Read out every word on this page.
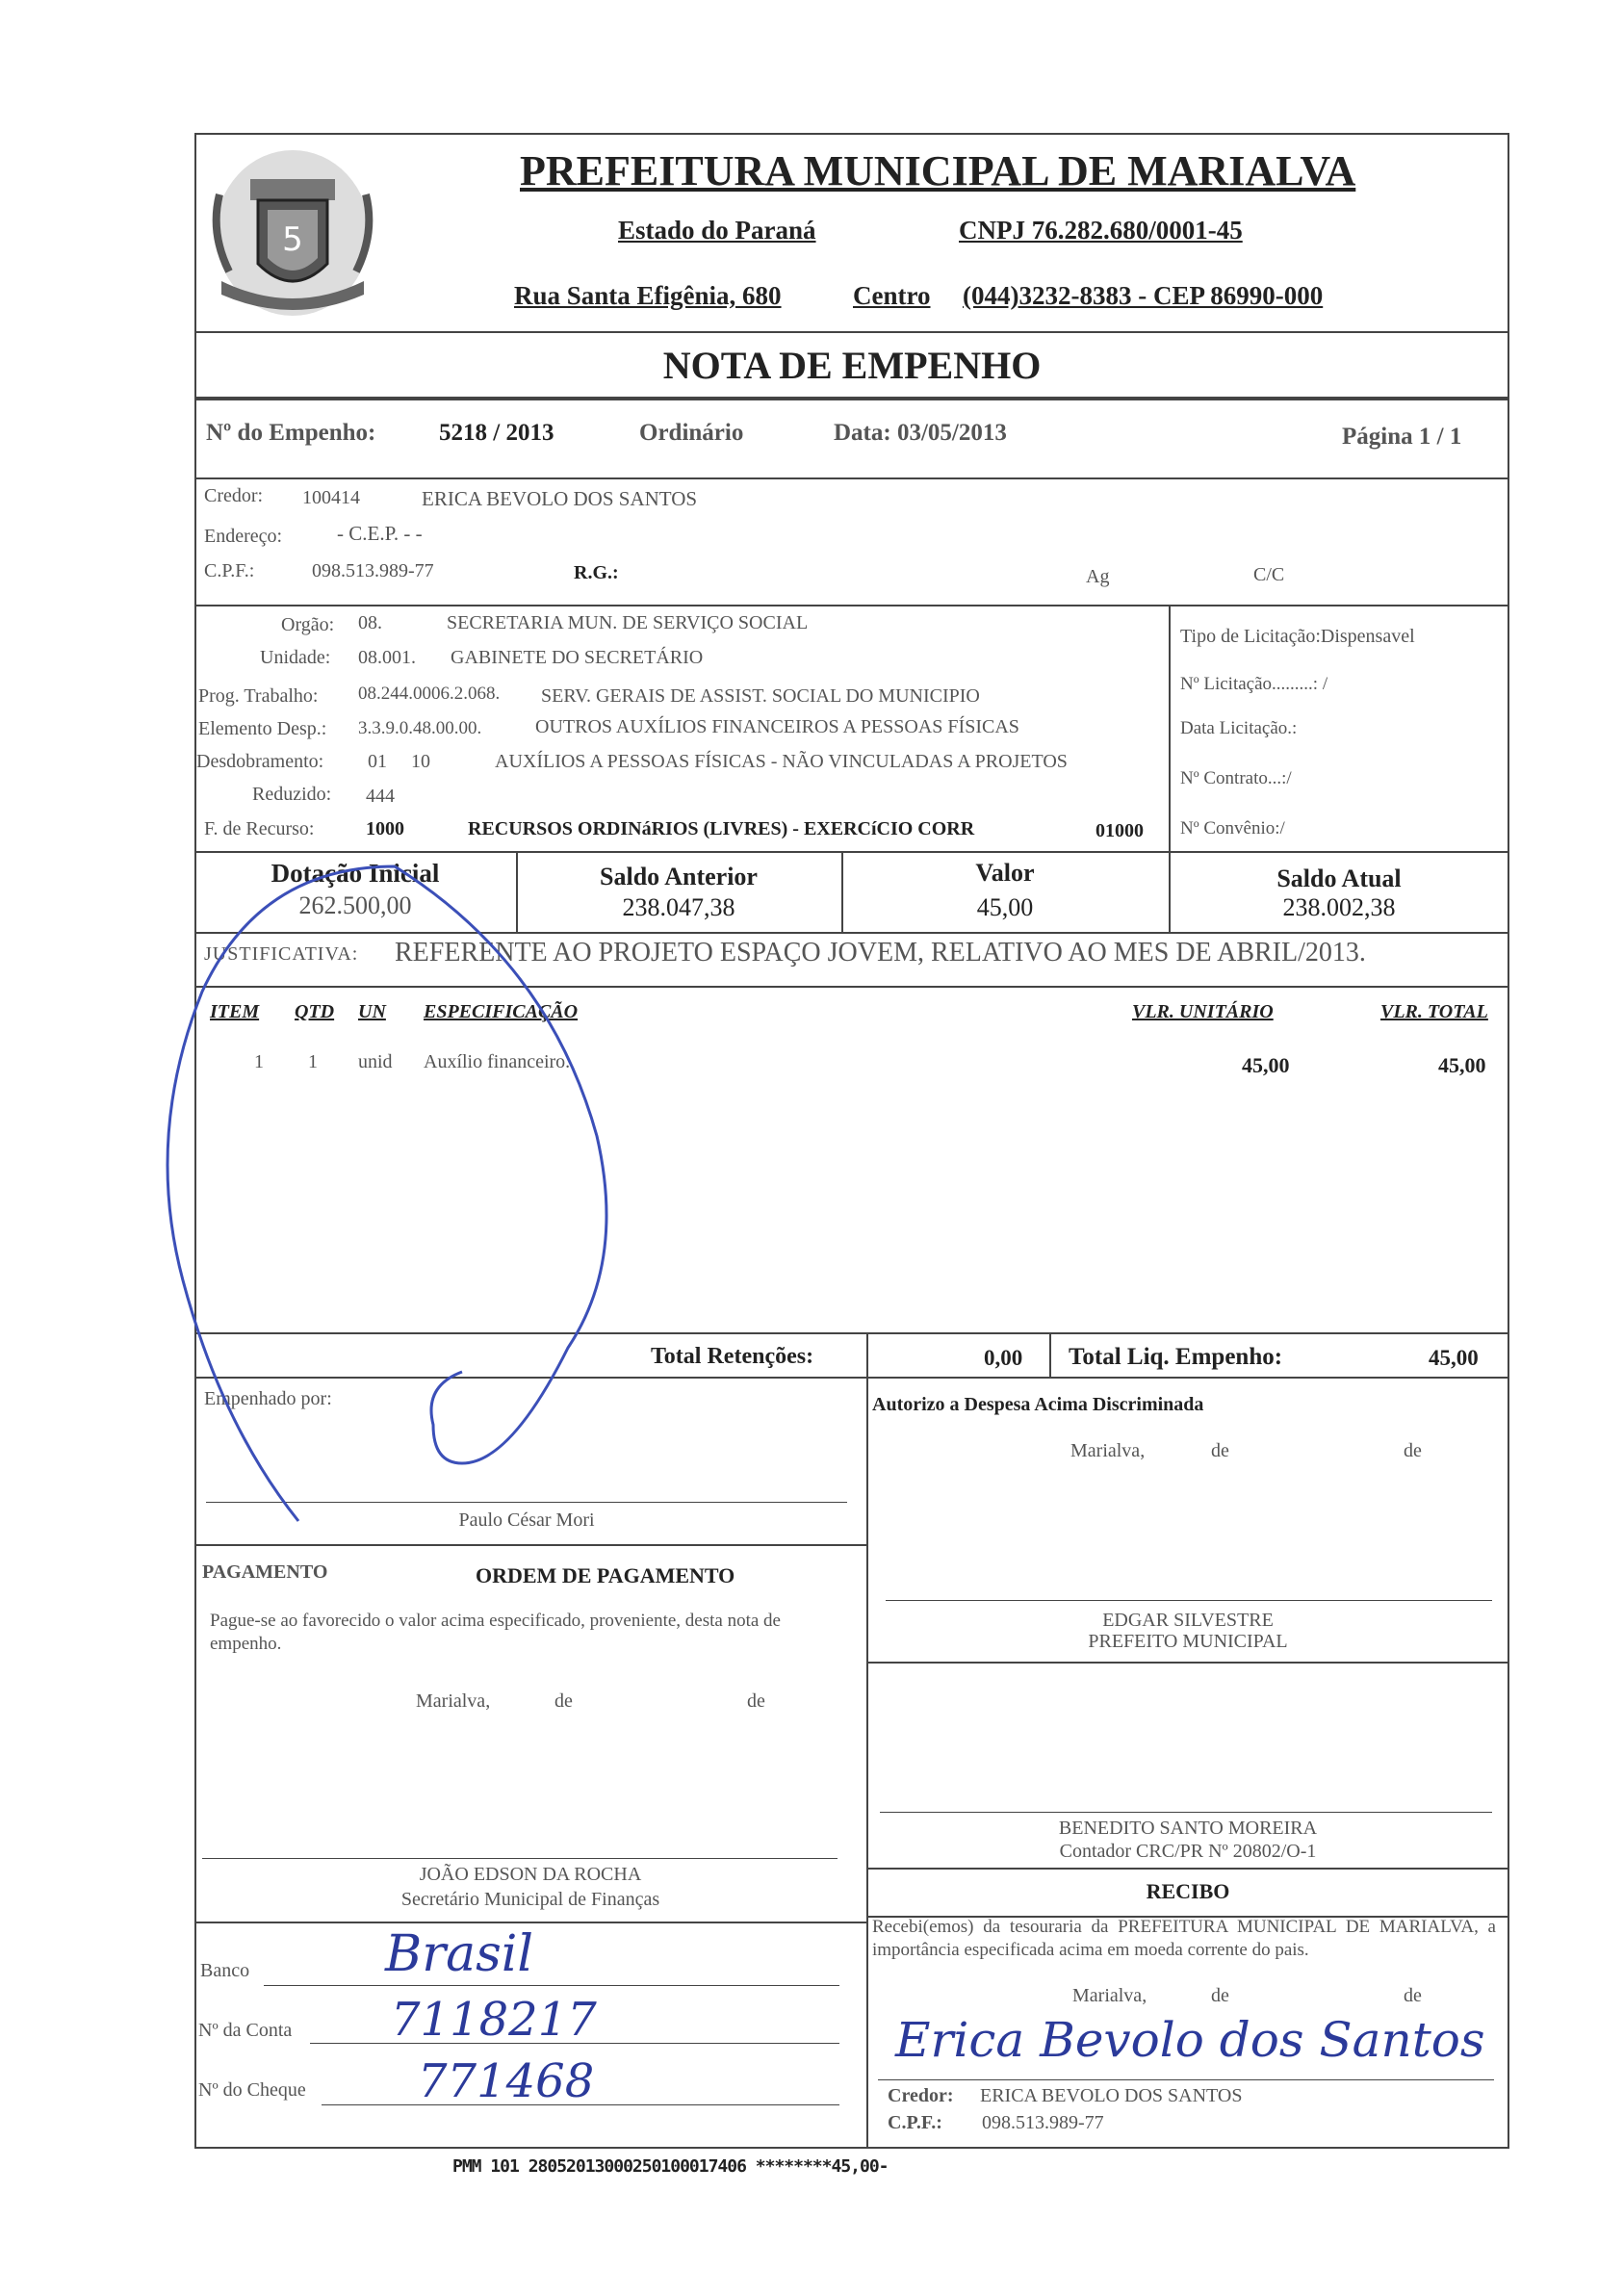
5
PREFEITURA MUNICIPAL DE MARIALVA
Estado do Paraná	CNPJ 76.282.680/0001-45
Rua Santa Efigênia, 680	Centro (044)3232-8383 - CEP 86990-000
NOTA DE EMPENHO
Nº do Empenho:	5218 / 2013	Ordinário	Data: 03/05/2013	Página 1 / 1
Credor: 100414	ERICA BEVOLO DOS SANTOS
Endereço:	- C.E.P. - -
C.P.F.:	098.513.989-77	R.G.:	Ag	C/C
Orgão: 08.	SECRETARIA MUN. DE SERVIÇO SOCIAL
Unidade: 08.001. GABINETE DO SECRETÁRIO
Prog. Trabalho: 08.244.0006.2.068. SERV. GERAIS DE ASSIST. SOCIAL DO MUNICIPIO
Elemento Desp.: 3.3.9.0.48.00.00.	OUTROS AUXÍLIOS FINANCEIROS A PESSOAS FÍSICAS
Desdobramento: 01     10	AUXÍLIOS A PESSOAS FÍSICAS - NÃO VINCULADAS A PROJETOS
Reduzido: 444
F. de Recurso:	1000	RECURSOS ORDINáRIOS (LIVRES) - EXERCíCIO CORR	01000
Tipo de Licitação:Dispensavel
Nº Licitação.........: /
Data Licitação.:
Nº Contrato...:/
Nº Convênio:/
Dotação Inicial
262.500,00
Saldo Anterior
238.047,38
Valor
45,00
Saldo Atual
238.002,38
JUSTIFICATIVA: REFERENTE AO PROJETO ESPAÇO JOVEM, RELATIVO AO MES DE ABRIL/2013.
ITEM QTD UN ESPECIFICAÇÃO	VLR. UNITÁRIO	VLR. TOTAL
1 1 unid Auxílio financeiro.	45,00	45,00
Total Retenções:	0,00 Total Liq. Empenho:	45,00
Empenhado por:
Paulo César Mori
Autorizo a Despesa Acima Discriminada
Marialva,	de	de
EDGAR SILVESTRE
PREFEITO MUNICIPAL
PAGAMENTO	ORDEM DE PAGAMENTO
Pague-se ao favorecido o valor acima especificado, proveniente, desta nota de empenho.
Marialva,	de	de
JOÃO EDSON DA ROCHA
Secretário Municipal de Finanças
BENEDITO SANTO MOREIRA
Contador CRC/PR Nº 20802/O-1
RECIBO
Recebi(emos) da tesouraria da PREFEITURA MUNICIPAL DE MARIALVA, a importância especificada acima em moeda corrente do pais.
Marialva,	de	de
Erica Bevolo dos Santos
Credor: ERICA BEVOLO DOS SANTOS
C.P.F.: 098.513.989-77
Banco	Brasil
Nº da Conta 7118217
Nº do Cheque 771468
PMM 101 28052013000250100017406 ********45,00-
